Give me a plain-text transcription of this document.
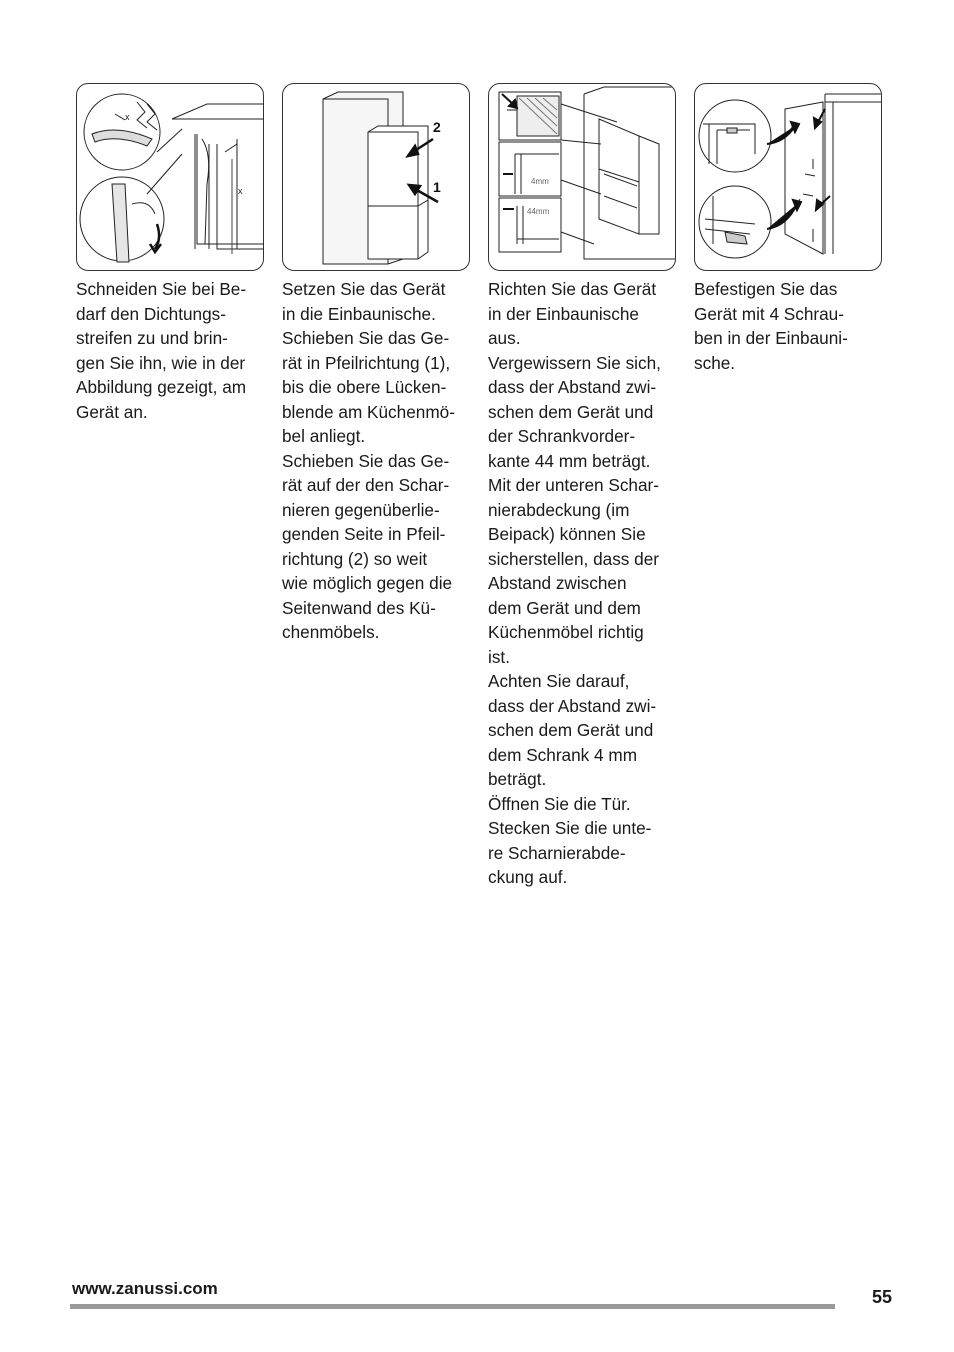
x
x
Schneiden Sie bei Be-
darf den Dichtungs-
streifen zu und brin-
gen Sie ihn, wie in der
Abbildung gezeigt, am
Gerät an.
2
1
Setzen Sie das Gerät
in die Einbaunische.
Schieben Sie das Ge-
rät in Pfeilrichtung (1),
bis die obere Lücken-
blende am Küchenmö-
bel anliegt.
Schieben Sie das Ge-
rät auf der den Schar-
nieren gegenüberlie-
genden Seite in Pfeil-
richtung (2) so weit
wie möglich gegen die
Seitenwand des Kü-
chenmöbels.
4mm
44mm
Richten Sie das Gerät
in der Einbaunische
aus.
Vergewissern Sie sich,
dass der Abstand zwi-
schen dem Gerät und
der Schrankvorder-
kante 44 mm beträgt.
Mit der unteren Schar-
nierabdeckung (im
Beipack) können Sie
sicherstellen, dass der
Abstand zwischen
dem Gerät und dem
Küchenmöbel richtig
ist.
Achten Sie darauf,
dass der Abstand zwi-
schen dem Gerät und
dem Schrank 4 mm
beträgt.
Öffnen Sie die Tür.
Stecken Sie die unte-
re Scharnierabde-
ckung auf.
Befestigen Sie das
Gerät mit 4 Schrau-
ben in der Einbauni-
sche.
www.zanussi.com	55
